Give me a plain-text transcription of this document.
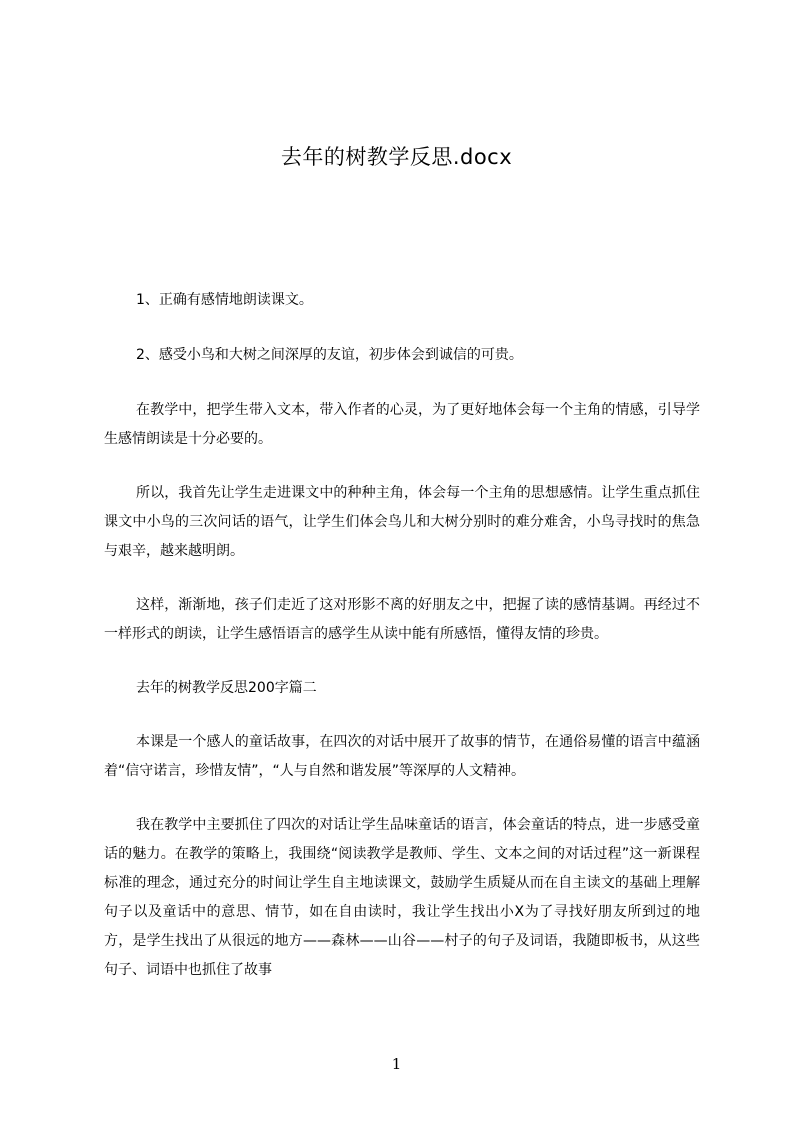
去年的树教学反思.docx

1、正确有感情地朗读课文。

2、感受小鸟和大树之间深厚的友谊，初步体会到诚信的可贵。

在教学中，把学生带入文本，带入作者的心灵，为了更好地体会每一个主角的情感，引导学生感情朗读是十分必要的。

所以，我首先让学生走进课文中的种种主角，体会每一个主角的思想感情。让学生重点抓住课文中小鸟的三次问话的语气，让学生们体会鸟儿和大树分别时的难分难舍，小鸟寻找时的焦急与艰辛，越来越明朗。

这样，渐渐地，孩子们走近了这对形影不离的好朋友之中，把握了读的感情基调。再经过不一样形式的朗读，让学生感悟语言的感学生从读中能有所感悟，懂得友情的珍贵。

去年的树教学反思200字篇二

本课是一个感人的童话故事，在四次的对话中展开了故事的情节，在通俗易懂的语言中蕴涵着“信守诺言，珍惜友情”，“人与自然和谐发展”等深厚的人文精神。

我在教学中主要抓住了四次的对话让学生品味童话的语言，体会童话的特点，进一步感受童话的魅力。在教学的策略上，我围绕“阅读教学是教师、学生、文本之间的对话过程”这一新课程标准的理念，通过充分的时间让学生自主地读课文，鼓励学生质疑从而在自主读文的基础上理解句子以及童话中的意思、情节，如在自由读时，我让学生找出小X为了寻找好朋友所到过的地方，是学生找出了从很远的地方——森林——山谷——村子的句子及词语，我随即板书，从这些句子、词语中也抓住了故事

1
